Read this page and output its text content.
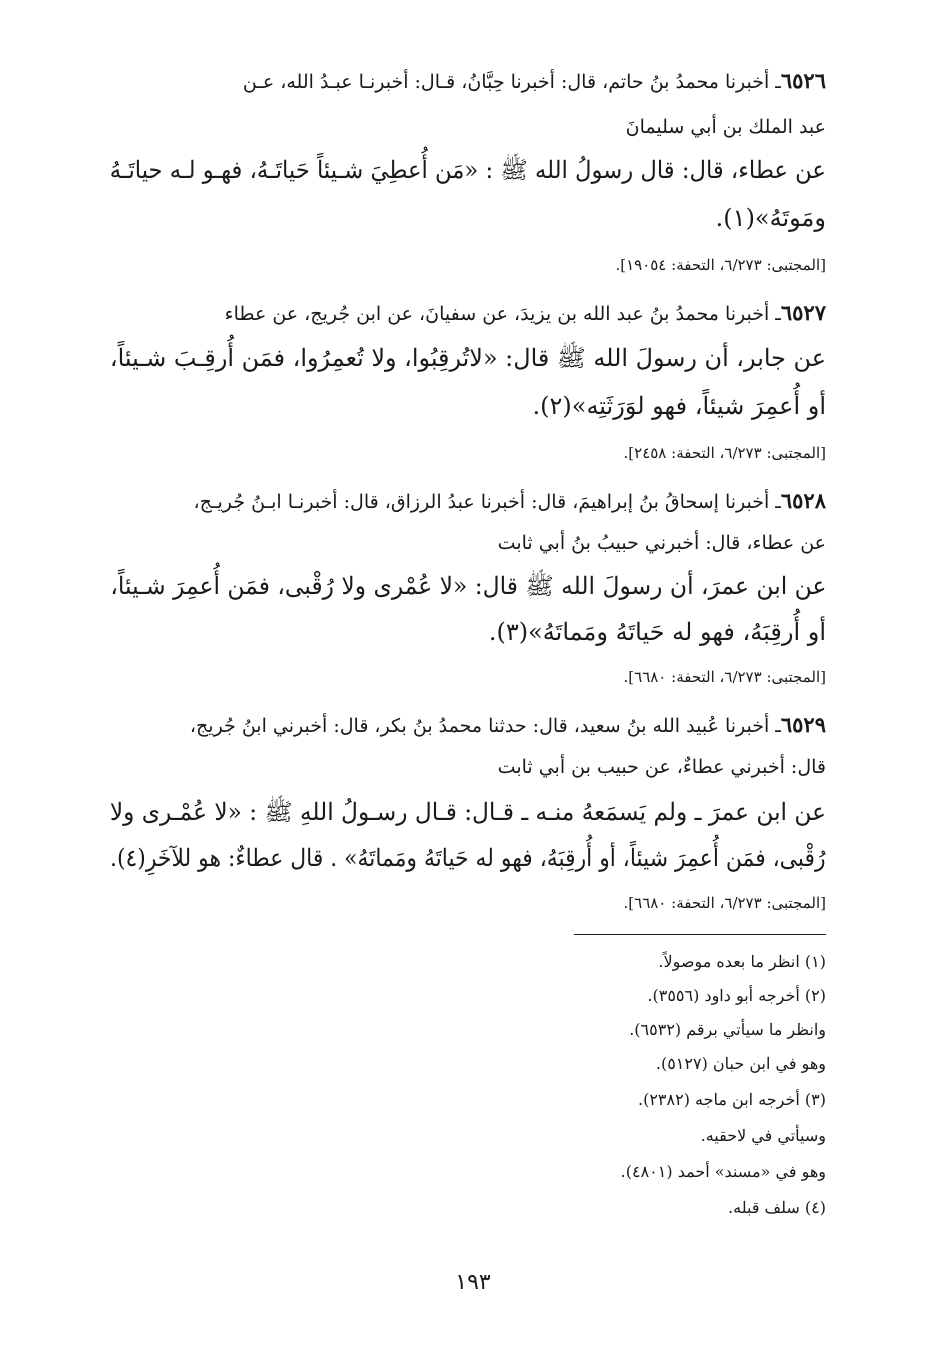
٦٥٢٦ـ أخبرنا محمدُ بنُ حاتم، قال: أخبرنا حِبَّانُ، قـال: أخبرنـا عبـدُ الله، عـن
عبد الملك بن أبي سليمانَ
عن عطاء، قال: قال رسولُ الله ﷺ : «مَن أُعطِيَ شـيئاً حَياتَـهُ، فهـو لـه حياتَـهُ
ومَوتَهُ»(١).
[المجتبى: ٦/٢٧٣، التحفة: ١٩٠٥٤].
٦٥٢٧ـ أخبرنا محمدُ بنُ عبد الله بن يزيدَ، عن سفيانَ، عن ابن جُريج، عن عطاء
عن جابر، أن رسولَ الله ﷺ قال: «لاتُرقِبُوا، ولا تُعمِرُوا، فمَن أُرقِـبَ شـيئاً،
أو أُعمِرَ شيئاً، فهو لوَرَثَتِه»(٢).
[المجتبى: ٦/٢٧٣، التحفة: ٢٤٥٨].
٦٥٢٨ـ أخبرنا إسحاقُ بنُ إبراهيمَ، قال: أخبرنا عبدُ الرزاق، قال: أخبرنـا ابـنُ جُريـج،
عن عطاء، قال: أخبرني حبيبُ بنُ أبي ثابت
عن ابن عمرَ، أن رسولَ الله ﷺ قال: «لا عُمْرى ولا رُقْبى، فمَن أُعمِرَ شـيئاً،
أو أُرقِبَهُ، فهو له حَياتَهُ ومَماتَهُ»(٣).
[المجتبى: ٦/٢٧٣، التحفة: ٦٦٨٠].
٦٥٢٩ـ أخبرنا عُبيد الله بنُ سعيد، قال: حدثنا محمدُ بنُ بكر، قال: أخبرني ابنُ جُريج،
قال: أخبرني عطاءٌ، عن حبيب بن أبي ثابت
عن ابن عمرَ ـ ولم يَسمَعهُ منـه ـ قـال: قـال رسـولُ اللهِ ﷺ : «لا عُمْـرى ولا
رُقْبى، فمَن أُعمِرَ شيئاً، أو أُرقِبَهُ، فهو له حَياتَهُ ومَماتَهُ» . قال عطاءٌ: هو للآخَرِ(٤).
[المجتبى: ٦/٢٧٣، التحفة: ٦٦٨٠].
(١) انظر ما بعده موصولاً.
(٢) أخرجه أبو داود (٣٥٥٦).
وانظر ما سيأتي برقم (٦٥٣٢).
وهو في ابن حبان (٥١٢٧).
(٣) أخرجه ابن ماجه (٢٣٨٢).
وسيأتي في لاحقيه.
وهو في «مسند» أحمد (٤٨٠١).
(٤) سلف قبله.
١٩٣
